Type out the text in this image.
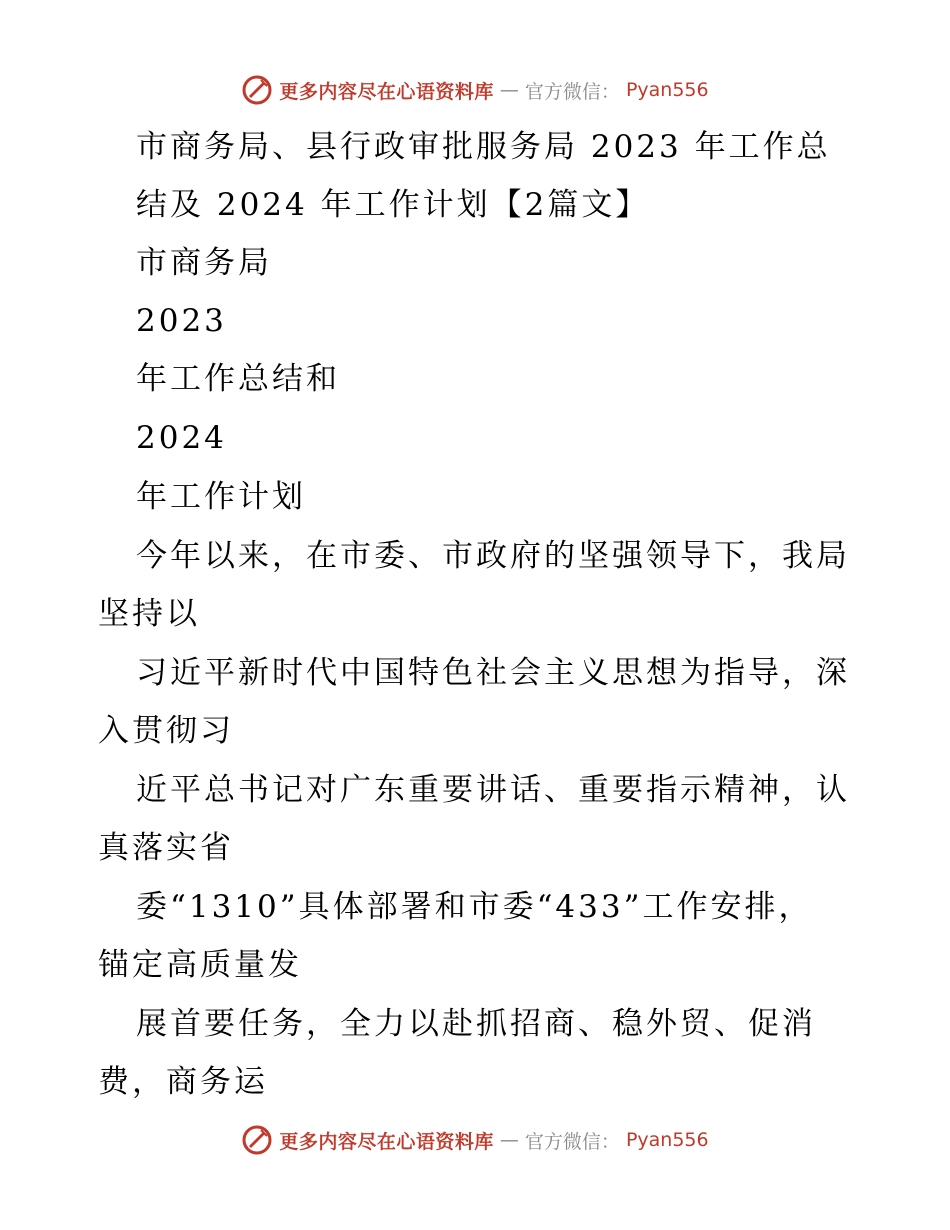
更多内容尽在心语资料库 — 官方微信： Pyan556
市商务局、县行政审批服务局 2023 年工作总
结及 2024 年工作计划【2篇文】
市商务局
2023
年工作总结和
2024
年工作计划
今年以来，在市委、市政府的坚强领导下，我局
坚持以
习近平新时代中国特色社会主义思想为指导，深
入贯彻习
近平总书记对广东重要讲话、重要指示精神，认
真落实省
委“1310”具体部署和市委“433”工作安排，
锚定高质量发
展首要任务，全力以赴抓招商、稳外贸、促消
费，商务运
更多内容尽在心语资料库 — 官方微信： Pyan556
